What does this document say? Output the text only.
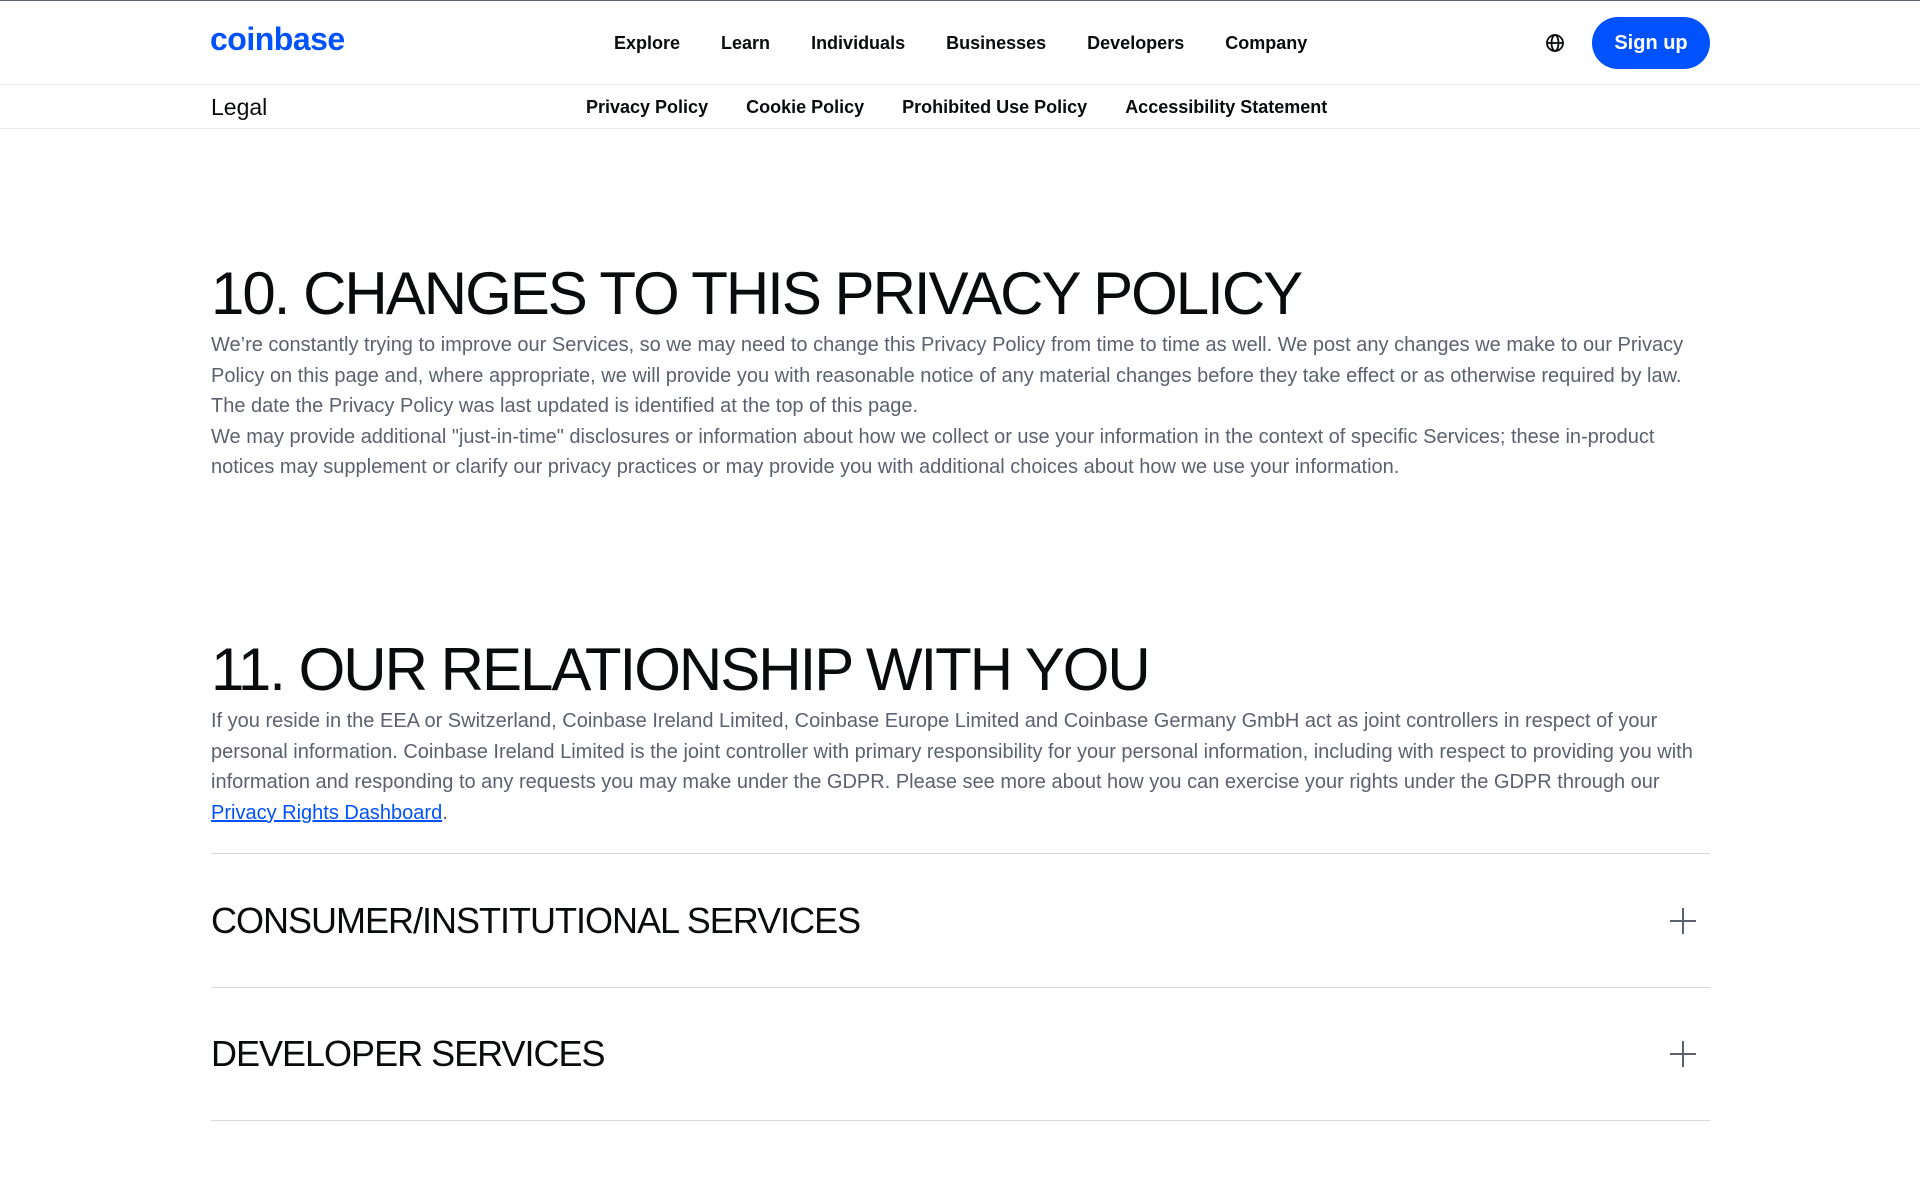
coinbase	Explore Learn Individuals Businesses Developers Company	Sign up
Legal	Privacy Policy Cookie Policy Prohibited Use Policy Accessibility Statement
10. CHANGES TO THIS PRIVACY POLICY

We’re constantly trying to improve our Services, so we may need to change this Privacy Policy from time to time as well. We post any changes we make to our Privacy Policy on this page and, where appropriate, we will provide you with reasonable notice of any material changes before they take effect or as otherwise required by law. The date the Privacy Policy was last updated is identified at the top of this page.

We may provide additional "just-in-time" disclosures or information about how we collect or use your information in the context of specific Services; these in-product notices may supplement or clarify our privacy practices or may provide you with additional choices about how we use your information.

11. OUR RELATIONSHIP WITH YOU

If you reside in the EEA or Switzerland, Coinbase Ireland Limited, Coinbase Europe Limited and Coinbase Germany GmbH act as joint controllers in respect of your personal information. Coinbase Ireland Limited is the joint controller with primary responsibility for your personal information, including with respect to providing you with information and responding to any requests you may make under the GDPR. Please see more about how you can exercise your rights under the GDPR through our Privacy Rights Dashboard.

CONSUMER/INSTITUTIONAL SERVICES
DEVELOPER SERVICES
